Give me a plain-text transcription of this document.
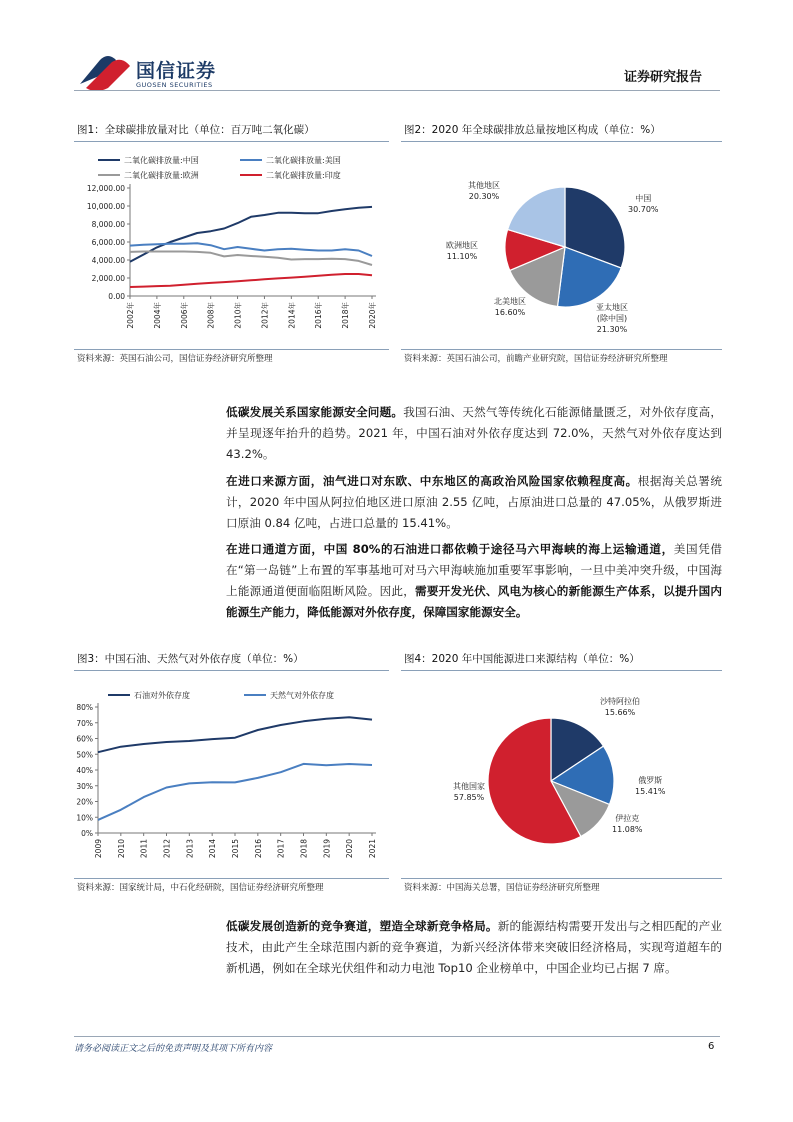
国信证券
GUOSEN SECURITIES	证券研究报告
图1：全球碳排放量对比（单位：百万吨二氧化碳）
二氧化碳排放量:中国	二氧化碳排放量:美国
二氧化碳排放量:欧洲	二氧化碳排放量:印度
0.00
2,000.00
4,000.00
6,000.00
8,000.00
10,000.00
12,000.00
2002年 2004年 2006年 2008年 2010年 2012年 2014年 2016年 2018年 2020年
资料来源：英国石油公司，国信证券经济研究所整理
图2：2020 年全球碳排放总量按地区构成（单位：%）
其他地区
20.30%	中国
30.70%
欧洲地区
11.10%
北美地区
16.60%
亚太地区
(除中国)
21.30%
资料来源：英国石油公司，前瞻产业研究院，国信证券经济研究所整理
低碳发展关系国家能源安全问题。我国石油、天然气等传统化石能源储量匮乏，对外依存度高，并呈现逐年抬升的趋势。2021 年，中国石油对外依存度达到 72.0%，天然气对外依存度达到 43.2%。
在进口来源方面，油气进口对东欧、中东地区的高政治风险国家依赖程度高。根据海关总署统计，2020 年中国从阿拉伯地区进口原油 2.55 亿吨，占原油进口总量的 47.05%，从俄罗斯进口原油 0.84 亿吨，占进口总量的 15.41%。
在进口通道方面，中国 80%的石油进口都依赖于途径马六甲海峡的海上运输通道，美国凭借在“第一岛链”上布置的军事基地可对马六甲海峡施加重要军事影响，一旦中美冲突升级，中国海上能源通道便面临阻断风险。因此，需要开发光伏、风电为核心的新能源生产体系，以提升国内能源生产能力，降低能源对外依存度，保障国家能源安全。
图3：中国石油、天然气对外依存度（单位：%）
石油对外依存度	天然气对外依存度
0%
10%
20%
30%
40%
50%
60%
70%
80%
2009 2010 2011 2012 2013 2014 2015 2016 2017 2018 2019 2020 2021
资料来源：国家统计局，中石化经研院，国信证券经济研究所整理
图4：2020 年中国能源进口来源结构（单位：%）
沙特阿拉伯
15.66%
俄罗斯
15.41%
伊拉克
11.08%
其他国家
57.85%
资料来源：中国海关总署，国信证券经济研究所整理
低碳发展创造新的竞争赛道，塑造全球新竞争格局。新的能源结构需要开发出与之相匹配的产业技术，由此产生全球范围内新的竞争赛道，为新兴经济体带来突破旧经济格局，实现弯道超车的新机遇，例如在全球光伏组件和动力电池 Top10 企业榜单中，中国企业均已占据 7 席。
请务必阅读正文之后的免责声明及其项下所有内容	6
